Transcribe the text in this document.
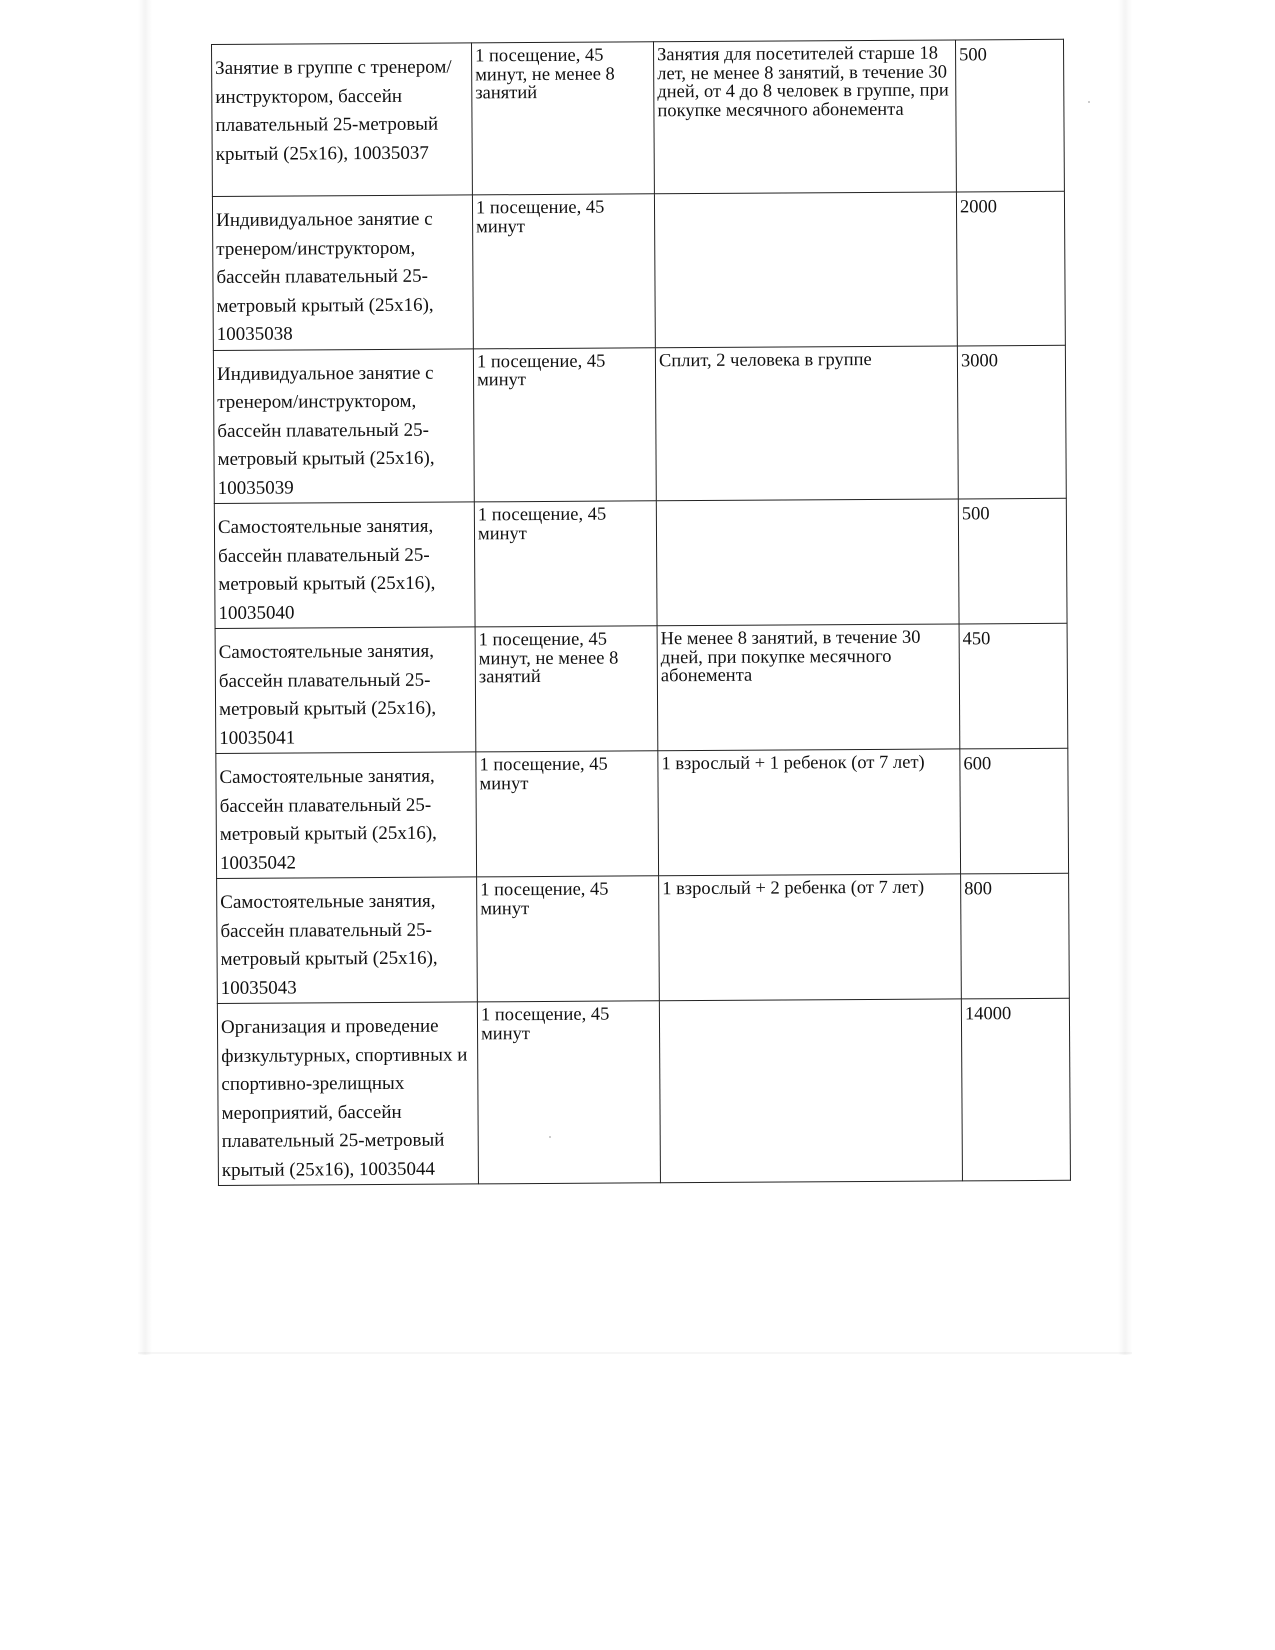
Занятие в группе с тренером/инструктором, бассейн плавательный 25-метровый крытый (25x16), 10035037	1 посещение, 45 минут, не менее 8 занятий	Занятия для посетителей старше 18 лет, не менее 8 занятий, в течение 30 дней, от 4 до 8 человек в группе, при покупке месячного абонемента	500
Индивидуальное занятие с тренером/инструктором, бассейн плавательный 25-метровый крытый (25x16), 10035038	1 посещение, 45 минут		2000
Индивидуальное занятие с тренером/инструктором, бассейн плавательный 25-метровый крытый (25x16), 10035039	1 посещение, 45 минут	Сплит, 2 человека в группе	3000
Самостоятельные занятия, бассейн плавательный 25-метровый крытый (25x16), 10035040	1 посещение, 45 минут		500
Самостоятельные занятия, бассейн плавательный 25-метровый крытый (25x16), 10035041	1 посещение, 45 минут, не менее 8 занятий	Не менее 8 занятий, в течение 30 дней, при покупке месячного абонемента	450
Самостоятельные занятия, бассейн плавательный 25-метровый крытый (25x16), 10035042	1 посещение, 45 минут	1 взрослый + 1 ребенок (от 7 лет)	600
Самостоятельные занятия, бассейн плавательный 25-метровый крытый (25x16), 10035043	1 посещение, 45 минут	1 взрослый + 2 ребенка (от 7 лет)	800
Организация и проведение физкультурных, спортивных и спортивно-зрелищных мероприятий, бассейн плавательный 25-метровый крытый (25x16), 10035044	1 посещение, 45 минут		14000
